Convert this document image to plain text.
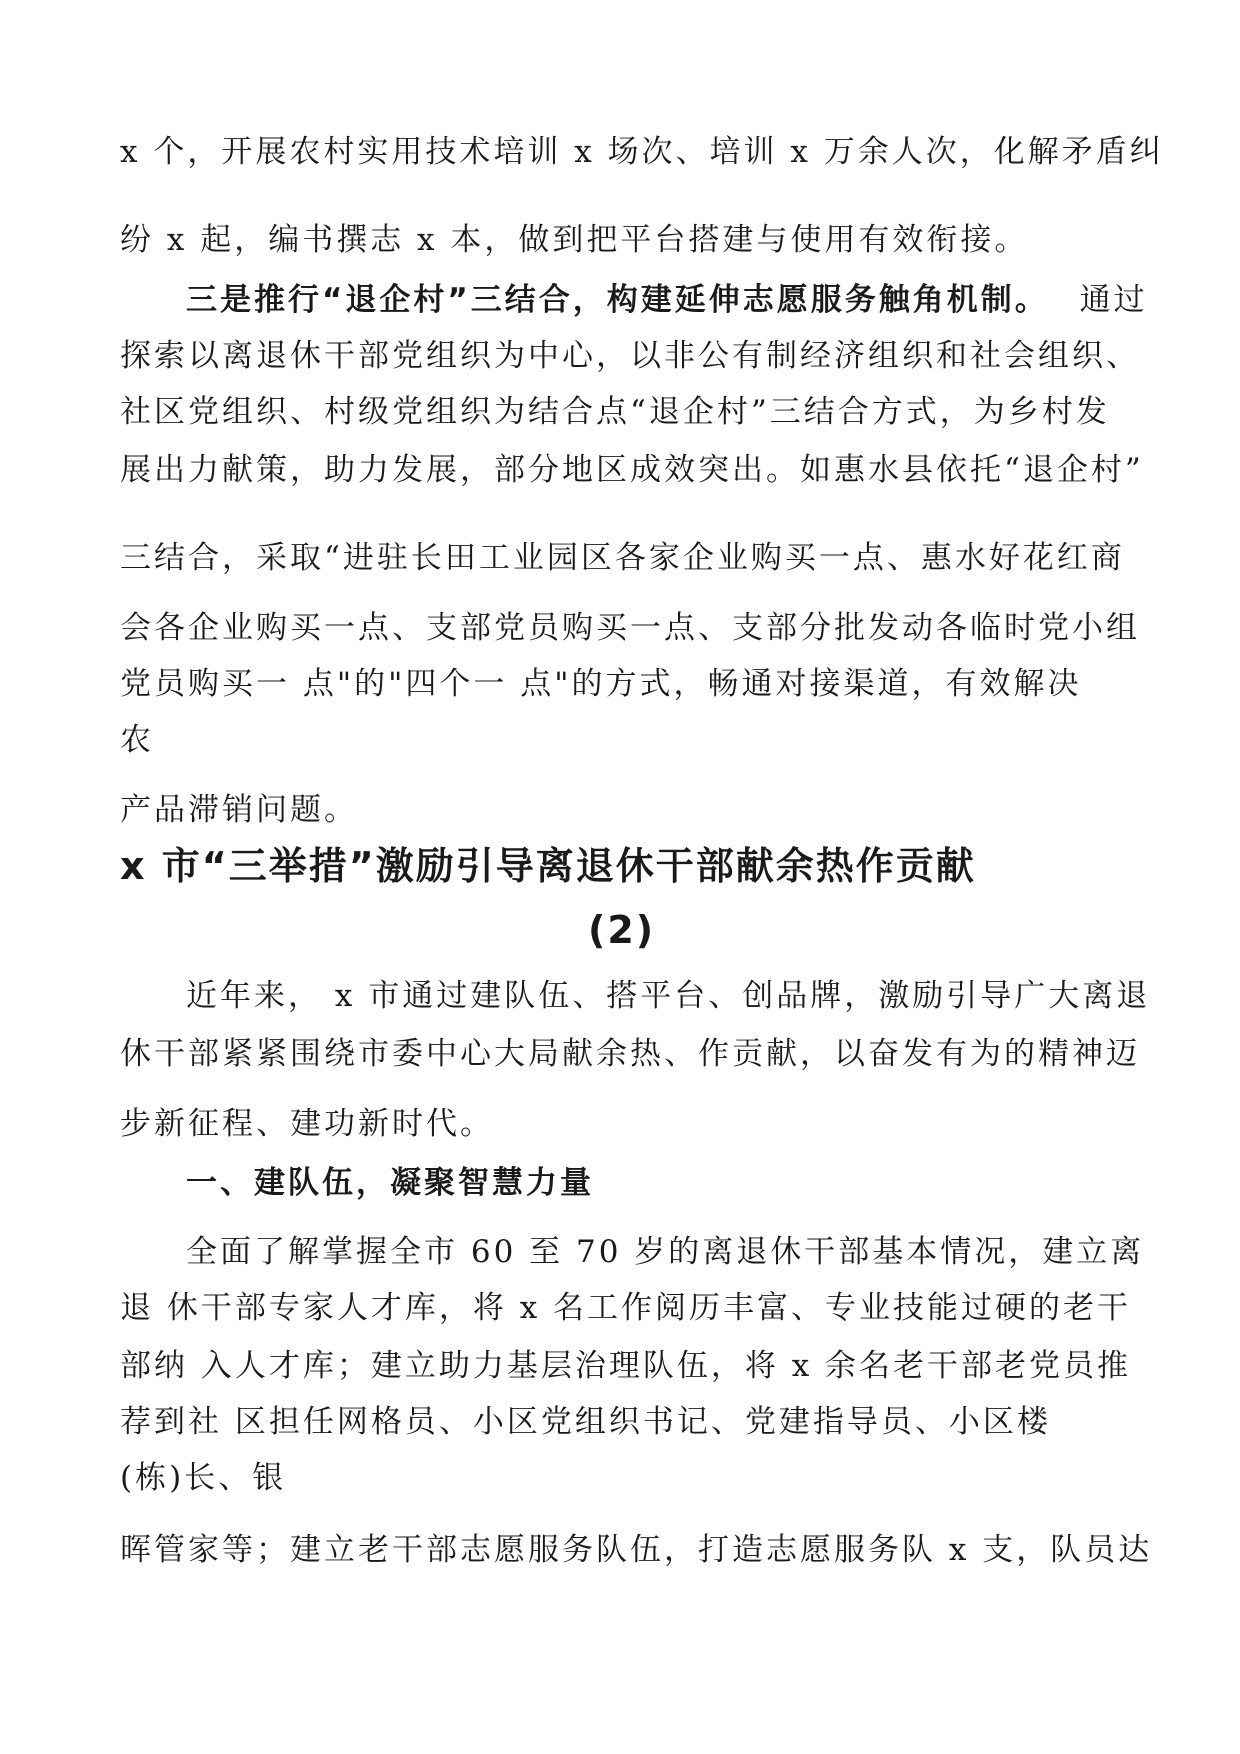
x 个，开展农村实用技术培训 x 场次、培训 x 万余人次，化解矛盾纠
纷 x 起，编书撰志 x 本，做到把平台搭建与使用有效衔接。
三是推行“退企村”三结合，构建延伸志愿服务触角机制。 通过
探索以离退休干部党组织为中心，以非公有制经济组织和社会组织、
社区党组织、村级党组织为结合点“退企村”三结合方式，为乡村发
展出力献策，助力发展，部分地区成效突出。如惠水县依托“退企村”
三结合，采取“进驻长田工业园区各家企业购买一点、惠水好花红商
会各企业购买一点、支部党员购买一点、支部分批发动各临时党小组
党员购买一 点"的"四个一 点"的方式，畅通对接渠道，有效解决
农
产品滞销问题。
x 市“三举措”激励引导离退休干部献余热作贡献
(2)
近年来， x 市通过建队伍、搭平台、创品牌，激励引导广大离退
休干部紧紧围绕市委中心大局献余热、作贡献，以奋发有为的精神迈
步新征程、建功新时代。
一、建队伍，凝聚智慧力量
全面了解掌握全市 60 至 70 岁的离退休干部基本情况，建立离
退 休干部专家人才库，将 x 名工作阅历丰富、专业技能过硬的老干
部纳 入人才库；建立助力基层治理队伍，将 x 余名老干部老党员推
荐到社 区担任网格员、小区党组织书记、党建指导员、小区楼
(栋)长、银
晖管家等；建立老干部志愿服务队伍，打造志愿服务队 x 支，队员达
